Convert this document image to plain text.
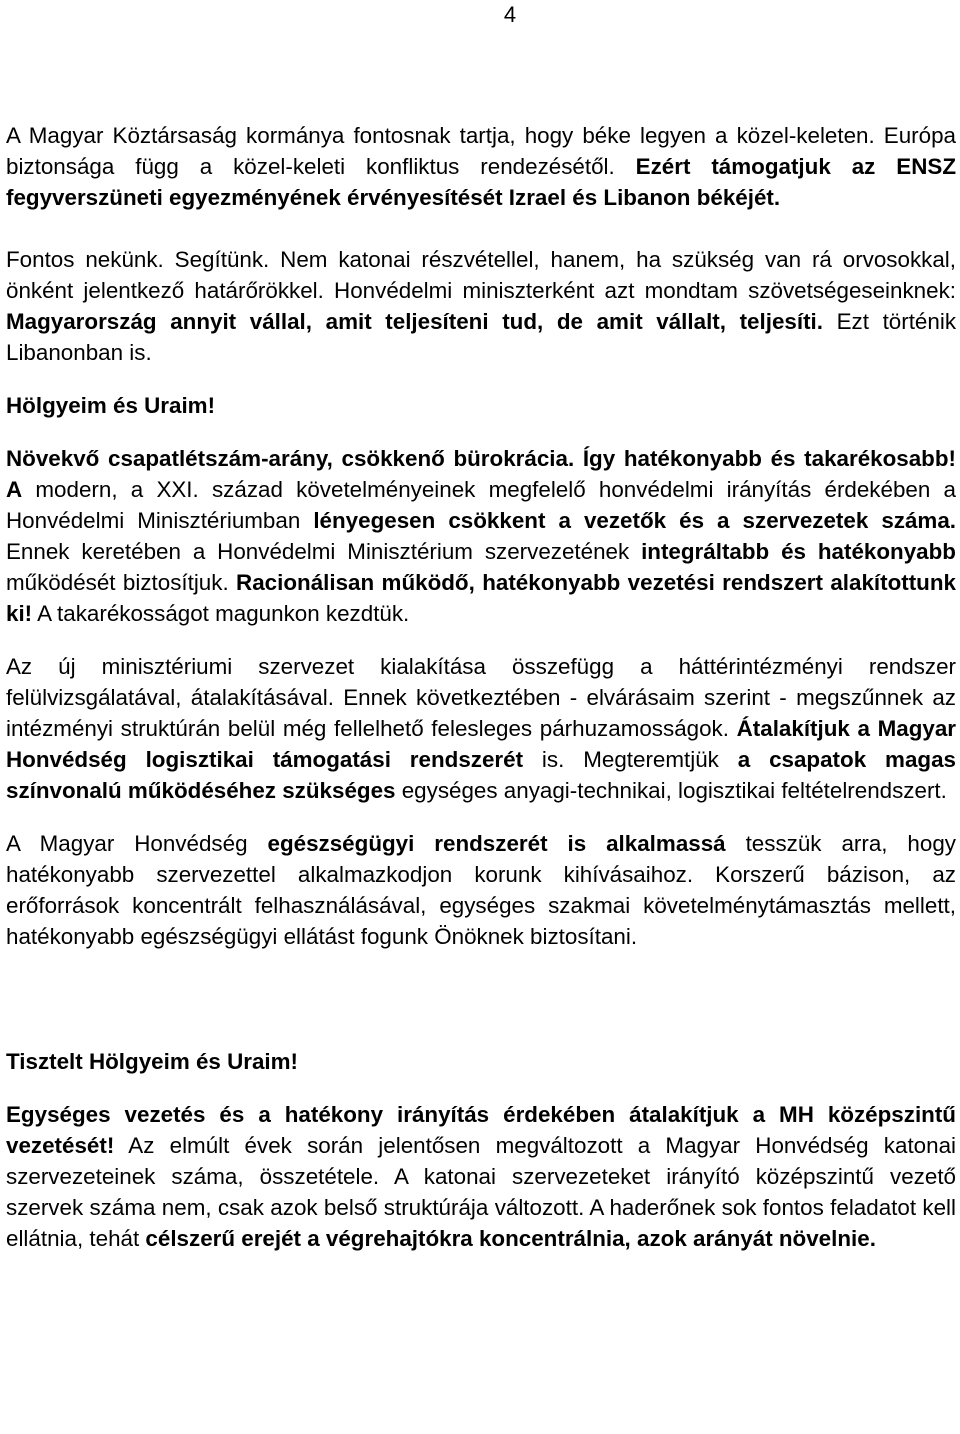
4

A Magyar Köztársaság kormánya fontosnak tartja, hogy béke legyen a közel-keleten. Európa biztonsága függ a közel-keleti konfliktus rendezésétől. Ezért támogatjuk az ENSZ fegyverszüneti egyezményének érvényesítését Izrael és Libanon békéjét.

Fontos nekünk. Segítünk. Nem katonai részvétellel, hanem, ha szükség van rá orvosokkal, önként jelentkező határőrökkel. Honvédelmi miniszterként azt mondtam szövetségeseinknek: Magyarország annyit vállal, amit teljesíteni tud, de amit vállalt, teljesíti. Ezt történik Libanonban is.

Hölgyeim és Uraim!

Növekvő csapatlétszám-arány, csökkenő bürokrácia. Így hatékonyabb és takarékosabb! A modern, a XXI. század követelményeinek megfelelő honvédelmi irányítás érdekében a Honvédelmi Minisztériumban lényegesen csökkent a vezetők és a szervezetek száma. Ennek keretében a Honvédelmi Minisztérium szervezetének integráltabb és hatékonyabb működését biztosítjuk. Racionálisan működő, hatékonyabb vezetési rendszert alakítottunk ki! A takarékosságot magunkon kezdtük.

Az új minisztériumi szervezet kialakítása összefügg a háttérintézményi rendszer felülvizsgálatával, átalakításával. Ennek következtében - elvárásaim szerint - megszűnnek az intézményi struktúrán belül még fellelhető felesleges párhuzamosságok. Átalakítjuk a Magyar Honvédség logisztikai támogatási rendszerét is. Megteremtjük a csapatok magas színvonalú működéséhez szükséges egységes anyagi-technikai, logisztikai feltételrendszert.

A Magyar Honvédség egészségügyi rendszerét is alkalmassá tesszük arra, hogy hatékonyabb szervezettel alkalmazkodjon korunk kihívásaihoz. Korszerű bázison, az erőforrások koncentrált felhasználásával, egységes szakmai követelménytámasztás mellett, hatékonyabb egészségügyi ellátást fogunk Önöknek biztosítani.

Tisztelt Hölgyeim és Uraim!

Egységes vezetés és a hatékony irányítás érdekében átalakítjuk a MH középszintű vezetését! Az elmúlt évek során jelentősen megváltozott a Magyar Honvédség katonai szervezeteinek száma, összetétele. A katonai szervezeteket irányító középszintű vezető szervek száma nem, csak azok belső struktúrája változott. A haderőnek sok fontos feladatot kell ellátnia, tehát célszerű erejét a végrehajtókra koncentrálnia, azok arányát növelnie.
